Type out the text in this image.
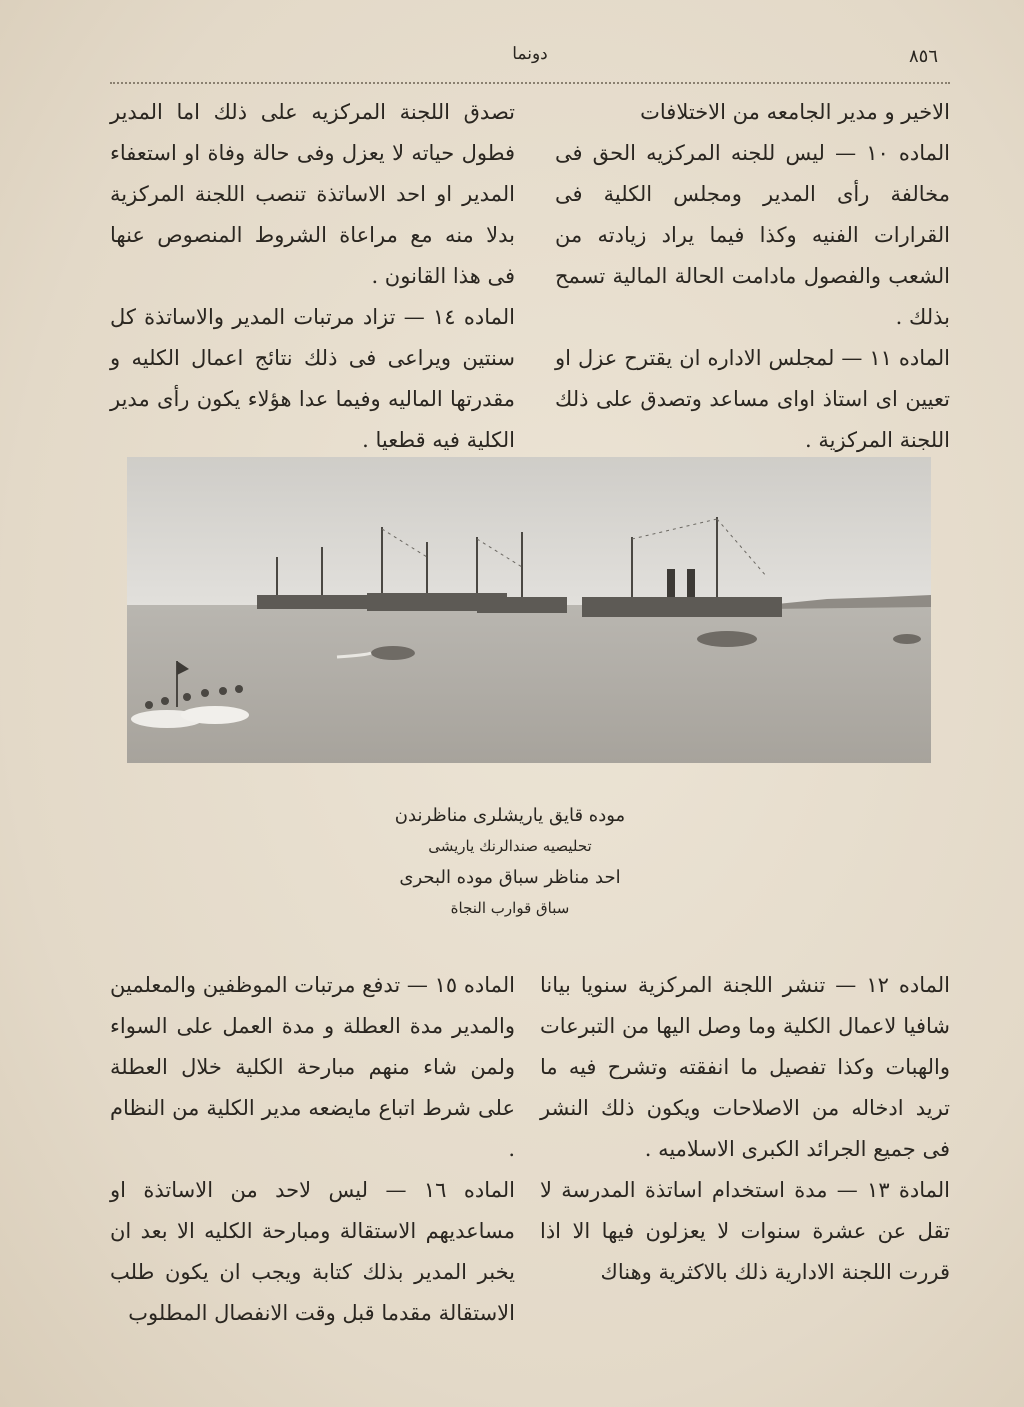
٨٥٦
دونما

الاخير و مدير الجامعه من الاختلافات

الماده ١٠ — ليس للجنه المركزيه الحق فى مخالفة رأى المدير ومجلس الكلية فى القرارات الفنيه وكذا فيما يراد زيادته من الشعب والفصول مادامت الحالة المالية تسمح بذلك .

الماده ١١ — لمجلس الاداره ان يقترح عزل او تعيين اى استاذ اواى مساعد وتصدق على ذلك اللجنة المركزية .

تصدق اللجنة المركزيه على ذلك اما المدير فطول حياته لا يعزل وفى حالة وفاة او استعفاء المدير او احد الاساتذة تنصب اللجنة المركزية بدلا منه مع مراعاة الشروط المنصوص عنها فى هذا القانون .

الماده ١٤ — تزاد مرتبات المدير والاساتذة كل سنتين ويراعى فى ذلك نتائج اعمال الكليه و مقدرتها الماليه وفيما عدا هؤلاء يكون رأى مدير الكلية فيه قطعيا .

موده قايق ياريشلرى مناظرندن
تحليصيه صندالرنك ياريشى
احد مناظر سباق موده البحرى
سباق قوارب النجاة

الماده ١٢ — تنشر اللجنة المركزية سنويا بيانا شافيا لاعمال الكلية وما وصل اليها من التبرعات والهبات وكذا تفصيل ما انفقته وتشرح فيه ما تريد ادخاله من الاصلاحات ويكون ذلك النشر فى جميع الجرائد الكبرى الاسلاميه .

المادة ١٣ — مدة استخدام اساتذة المدرسة لا تقل عن عشرة سنوات لا يعزلون فيها الا اذا قررت اللجنة الادارية ذلك بالاكثرية وهناك

الماده ١٥ — تدفع مرتبات الموظفين والمعلمين والمدير مدة العطلة و مدة العمل على السواء ولمن شاء منهم مبارحة الكلية خلال العطلة على شرط اتباع مايضعه مدير الكلية من النظام .

الماده ١٦ — ليس لاحد من الاساتذة او مساعديهم الاستقالة ومبارحة الكليه الا بعد ان يخبر المدير بذلك كتابة ويجب ان يكون طلب الاستقالة مقدما قبل وقت الانفصال المطلوب
